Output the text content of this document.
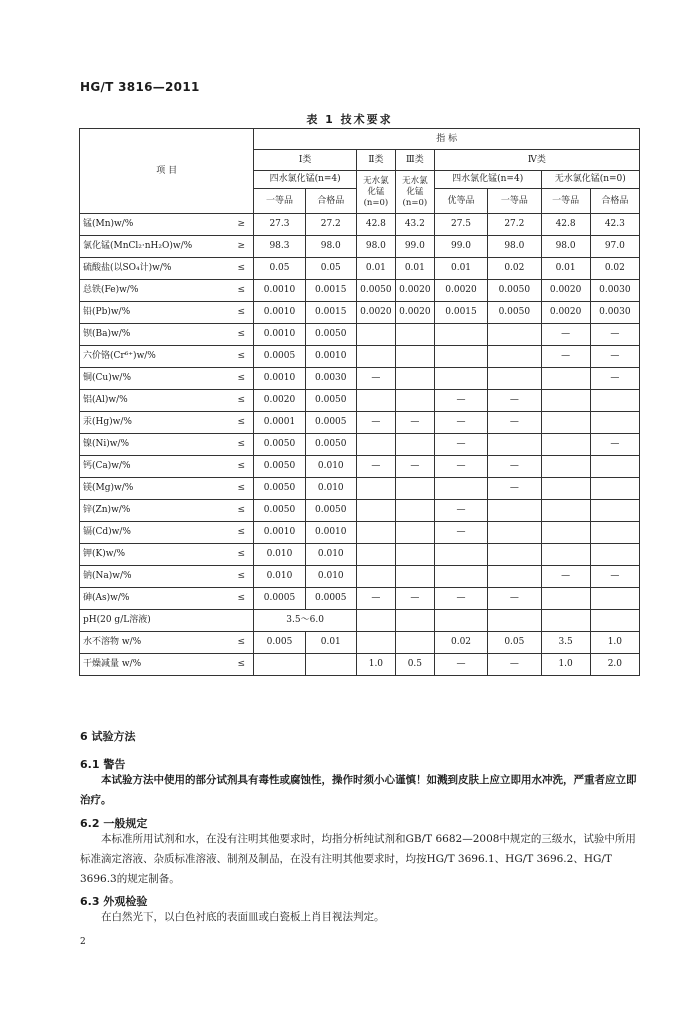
HG/T 3816—2011
表 1 技术要求
项 目		指 标							
		Ⅰ类		Ⅱ类	Ⅲ类	Ⅳ类			
		四水氯化锰(n=4)		无水氯化锰(n=0)	无水氯化锰(n=0)	四水氯化锰(n=4)		无水氯化锰(n=0)	
		一等品	合格品			优等品	一等品	一等品	合格品
锰(Mn)w/%	≥	27.3	27.2	42.8	43.2	27.5	27.2	42.8	42.3
氯化锰(MnCl₂·nH₂O)w/%	≥	98.3	98.0	98.0	99.0	99.0	98.0	98.0	97.0
硫酸盐(以SO₄计)w/%	≤	0.05	0.05	0.01	0.01	0.01	0.02	0.01	0.02
总铁(Fe)w/%	≤	0.0010	0.0015	0.0050	0.0020	0.0020	0.0050	0.0020	0.0030
铅(Pb)w/%	≤	0.0010	0.0015	0.0020	0.0020	0.0015	0.0050	0.0020	0.0030
钡(Ba)w/%	≤	0.0010	0.0050					—	—
六价铬(Cr⁶⁺)w/%	≤	0.0005	0.0010					—	—
铜(Cu)w/%	≤	0.0010	0.0030	—					—
铝(Al)w/%	≤	0.0020	0.0050			—	—		
汞(Hg)w/%	≤	0.0001	0.0005	—	—	—	—		
镍(Ni)w/%	≤	0.0050	0.0050			—			—
钙(Ca)w/%	≤	0.0050	0.010	—	—	—	—		
镁(Mg)w/%	≤	0.0050	0.010				—		
锌(Zn)w/%	≤	0.0050	0.0050			—			
镉(Cd)w/%	≤	0.0010	0.0010			—			
钾(K)w/%	≤	0.010	0.010						
钠(Na)w/%	≤	0.010	0.010					—	—
砷(As)w/%	≤	0.0005	0.0005	—	—	—	—		
pH(20 g/L溶液)		3.5～6.0							
水不溶物 w/%	≤	0.005	0.01			0.02	0.05	3.5	1.0
干燥减量 w/%	≤			1.0	0.5	—	—	1.0	2.0
6 试验方法
6.1 警告
本试验方法中使用的部分试剂具有毒性或腐蚀性，操作时须小心谨慎！如溅到皮肤上应立即用水冲洗，严重者应立即治疗。
6.2 一般规定
本标准所用试剂和水，在没有注明其他要求时，均指分析纯试剂和GB/T 6682—2008中规定的三级水，试验中所用标准滴定溶液、杂质标准溶液、制剂及制品，在没有注明其他要求时，均按HG/T 3696.1、HG/T 3696.2、HG/T 3696.3的规定制备。
6.3 外观检验
在白然光下，以白色衬底的表面皿或白瓷板上肖目视法判定。
2
